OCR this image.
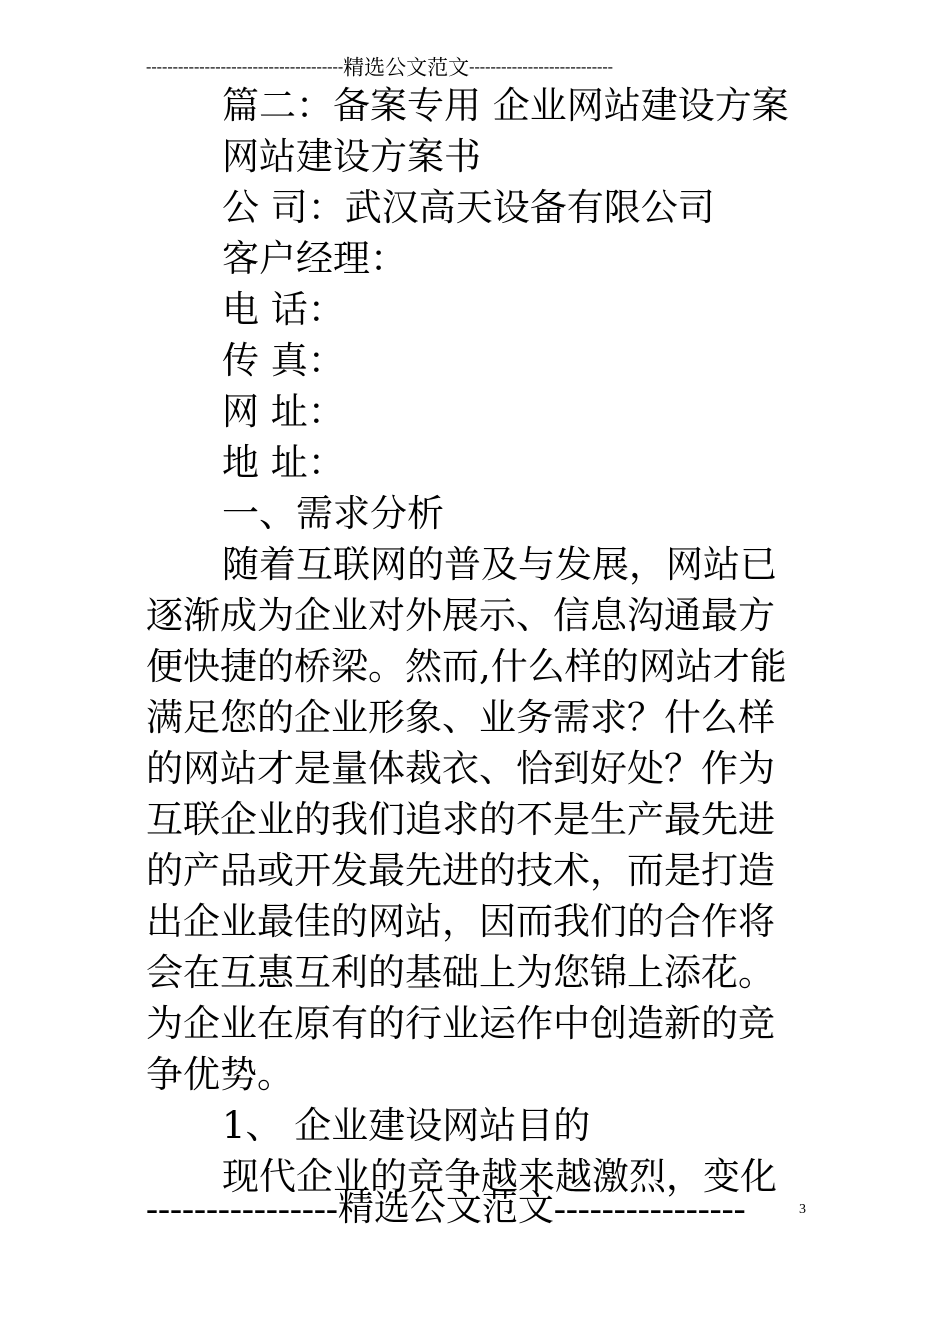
-------------------------------------精选公文范文---------------------------
篇二：备案专用 企业网站建设方案
网站建设方案书
公 司：武汉高天设备有限公司
客户经理：
电 话：
传 真：
网 址：
地 址：
一、需求分析
随着互联网的普及与发展，网站已
逐渐成为企业对外展示、信息沟通最方
便快捷的桥梁。然而,什么样的网站才能
满足您的企业形象、业务需求？什么样
的网站才是量体裁衣、恰到好处？作为
互联企业的我们追求的不是生产最先进
的产品或开发最先进的技术，而是打造
出企业最佳的网站，因而我们的合作将
会在互惠互利的基础上为您锦上添花。
为企业在原有的行业运作中创造新的竞
争优势。
1、 企业建设网站目的
现代企业的竞争越来越激烈，变化
----------------精选公文范文----------------	3
